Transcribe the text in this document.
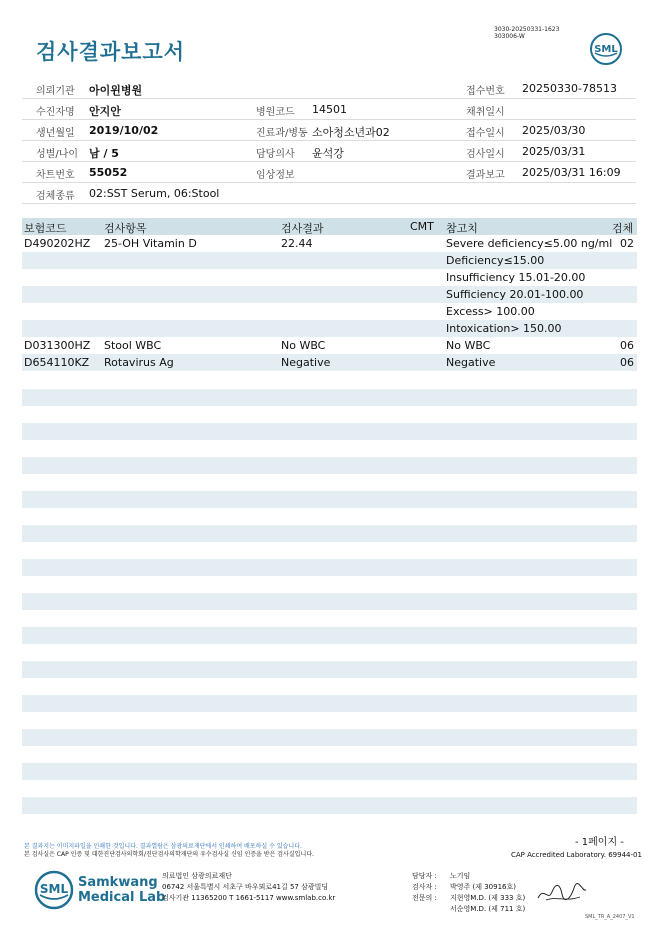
3030-20250331-1623
303006-W
검사결과보고서	SML
의뢰기관 아이윈병원	접수번호 20250330-78513
수진자명 안지안	병원코드 14501	채취일시
생년월일 2019/10/02	진료과/병동 소아청소년과02	접수일시 2025/03/30
성별/나이 남 / 5	담당의사 윤석강	검사일시 2025/03/31
차트번호 55052	임상정보	결과보고 2025/03/31 16:09
검체종류 02:SST Serum, 06:Stool
보험코드	검사항목	검사결과	CMT 참고치	검체
D490202HZ 25-OH Vitamin D	22.44	Severe deficiency≤5.00 ng/ml 02
Deficiency≤15.00
Insufficiency 15.01-20.00
Sufficiency 20.01-100.00
Excess> 100.00
Intoxication> 150.00
D031300HZ Stool WBC	No WBC	No WBC	06
D654110KZ Rotavirus Ag	Negative	Negative	06
- 1페이지 -
본 결과지는 이미지파일을 인쇄한 것입니다. 결과열람은 삼광의료재단에서 인쇄하여 배포하실 수 있습니다.
본 검사실은 CAP 인증 및 대한진단검사의학회/진단검사의학재단의 우수검사실 신임 인증을 받은 검사실입니다.	CAP Accredited Laboratory. 69944-01
SML Samkwang
Medical Lab
의료법인 삼광의료재단
06742 서울특별시 서초구 바우뫼로41길 57 삼광빌딩
검사기관 11365200 T 1661-5117 www.smlab.co.kr
담당자 : 노기임
검사자 : 박영주 (제 30916호)
전문의 : 지현영M.D. (제 333 호)
서순영M.D. (제 711 호)
SML_TR_A_2407_V1
